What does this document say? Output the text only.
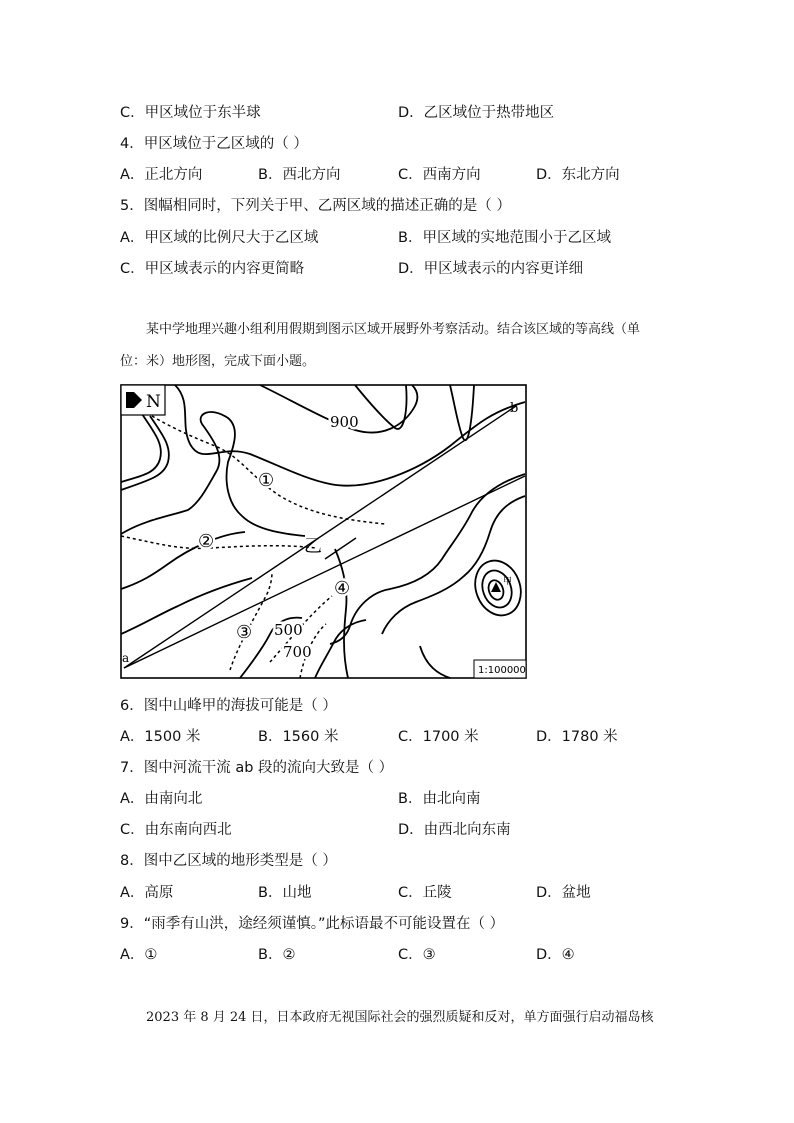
C．甲区域位于东半球	D．乙区域位于热带地区
4．甲区域位于乙区域的（ ）
A．正北方向	B．西北方向	C．西南方向	D．东北方向
5．图幅相同时，下列关于甲、乙两区域的描述正确的是（ ）
A．甲区域的比例尺大于乙区域	B．甲区域的实地范围小于乙区域
C．甲区域表示的内容更简略	D．甲区域表示的内容更详细
某中学地理兴趣小组利用假期到图示区域开展野外考察活动。结合该区域的等高线（单
位：米）地形图，完成下面小题。
N
1:100000
900
500
700
乙
甲
a
b
①
②
③
④
6．图中山峰甲的海拔可能是（ ）
A．1500 米	B．1560 米	C．1700 米	D．1780 米
7．图中河流干流 ab 段的流向大致是（ ）
A．由南向北	B．由北向南
C．由东南向西北	D．由西北向东南
8．图中乙区域的地形类型是（ ）
A．高原	B．山地	C．丘陵	D．盆地
9．“雨季有山洪，途经须谨慎。”此标语最不可能设置在（ ）
A．①	B．②	C．③	D．④
2023 年 8 月 24 日，日本政府无视国际社会的强烈质疑和反对，单方面强行启动福岛核
